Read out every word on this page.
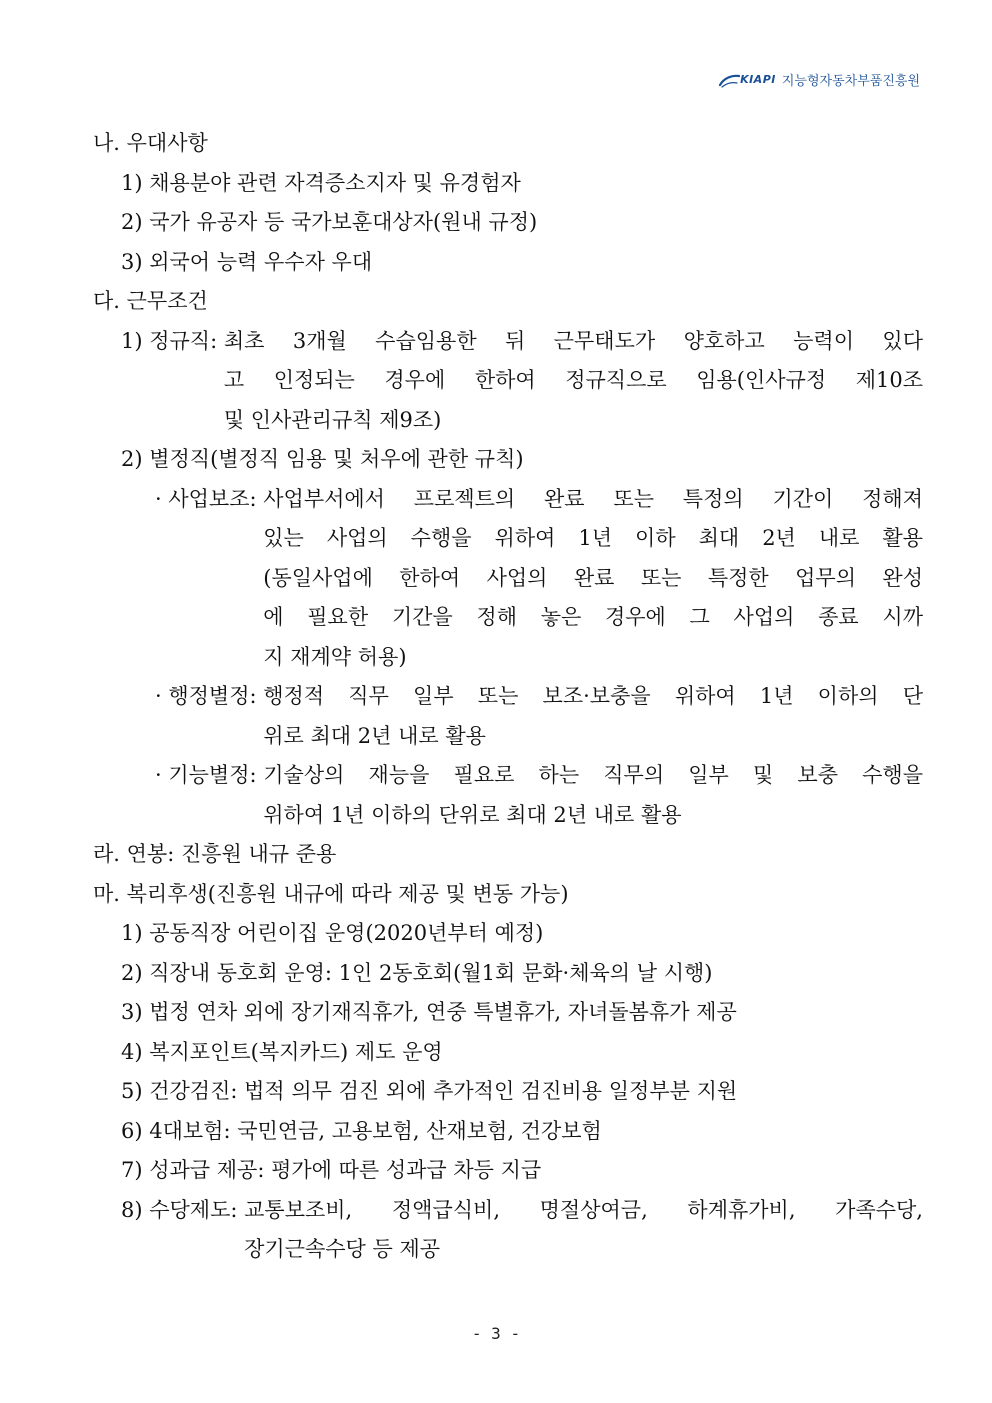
KIAPI 지능형자동차부품진흥원
나. 우대사항
1) 채용분야 관련 자격증소지자 및 유경험자
2) 국가 유공자 등 국가보훈대상자(원내 규정)
3) 외국어 능력 우수자 우대
다. 근무조건
1) 정규직: 최초 3개월 수습임용한 뒤 근무태도가 양호하고 능력이 있다
고 인정되는 경우에 한하여 정규직으로 임용(인사규정 제10조
및 인사관리규칙 제9조)
2) 별정직(별정직 임용 및 처우에 관한 규칙)
· 사업보조: 사업부서에서 프로젝트의 완료 또는 특정의 기간이 정해져
있는 사업의 수행을 위하여 1년 이하 최대 2년 내로 활용
(동일사업에 한하여 사업의 완료 또는 특정한 업무의 완성
에 필요한 기간을 정해 놓은 경우에 그 사업의 종료 시까
지 재계약 허용)
· 행정별정: 행정적 직무 일부 또는 보조·보충을 위하여 1년 이하의 단
위로 최대 2년 내로 활용
· 기능별정: 기술상의 재능을 필요로 하는 직무의 일부 및 보충 수행을
위하여 1년 이하의 단위로 최대 2년 내로 활용
라. 연봉: 진흥원 내규 준용
마. 복리후생(진흥원 내규에 따라 제공 및 변동 가능)
1) 공동직장 어린이집 운영(2020년부터 예정)
2) 직장내 동호회 운영: 1인 2동호회(월1회 문화·체육의 날 시행)
3) 법정 연차 외에 장기재직휴가, 연중 특별휴가, 자녀돌봄휴가 제공
4) 복지포인트(복지카드) 제도 운영
5) 건강검진: 법적 의무 검진 외에 추가적인 검진비용 일정부분 지원
6) 4대보험: 국민연금, 고용보험, 산재보험, 건강보험
7) 성과급 제공: 평가에 따른 성과급 차등 지급
8) 수당제도: 교통보조비, 정액급식비, 명절상여금, 하계휴가비, 가족수당,
장기근속수당 등 제공
- 3 -
